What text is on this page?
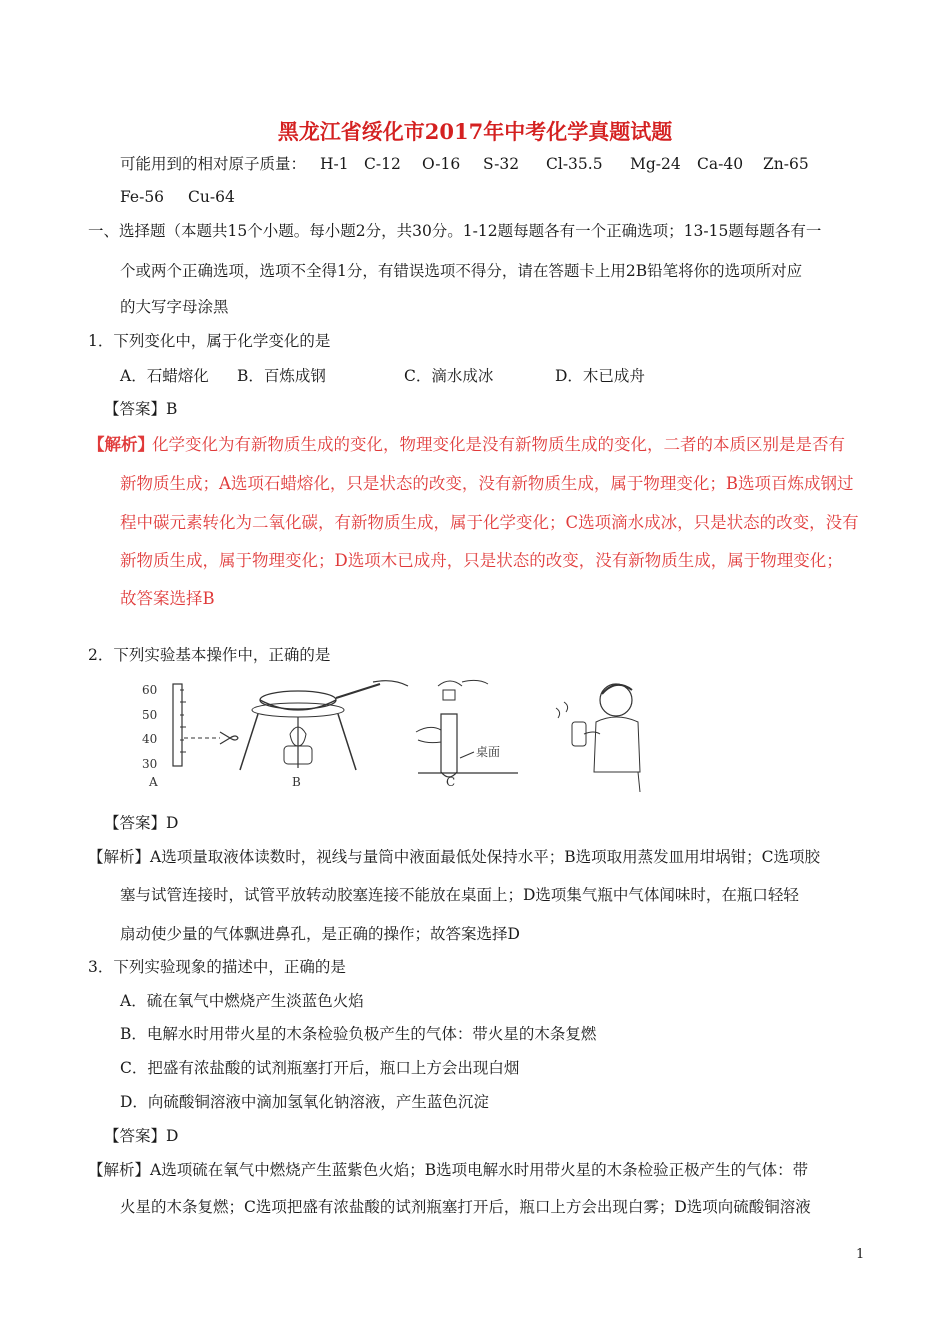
黑龙江省绥化市2017年中考化学真题试题
可能用到的相对原子质量： H-1 C-12 O-16 S-32 Cl-35.5 Mg-24 Ca-40 Zn-65
Fe-56 Cu-64
一、选择题（本题共15个小题。每小题2分，共30分。1-12题每题各有一个正确选项；13-15题每题各有一
个或两个正确选项，选项不全得1分，有错误选项不得分，请在答题卡上用2B铅笔将你的选项所对应
的大写字母涂黑
1．下列变化中，属于化学变化的是
A．石蜡熔化 B．百炼成钢	C．滴水成冰	D．木已成舟
【答案】B
【解析】
化学变化为有新物质生成的变化，物理变化是没有新物质生成的变化，二者的本质区别是是否有
新物质生成；A选项石蜡熔化，只是状态的改变，没有新物质生成，属于物理变化；B选项百炼成钢过
程中碳元素转化为二氧化碳，有新物质生成，属于化学变化；C选项滴水成冰，只是状态的改变，没有
新物质生成，属于物理变化；D选项木已成舟，只是状态的改变，没有新物质生成，属于物理变化；
故答案选择B
2．下列实验基本操作中，正确的是
60
50
40
30
A	B
桌面
C
【答案】D
【解析】A选项量取液体读数时，视线与量筒中液面最低处保持水平；B选项取用蒸发皿用坩埚钳；C选项胶
塞与试管连接时，试管平放转动胶塞连接不能放在桌面上；D选项集气瓶中气体闻味时，在瓶口轻轻
扇动使少量的气体飘进鼻孔，是正确的操作；故答案选择D
3．下列实验现象的描述中，正确的是
A．硫在氧气中燃烧产生淡蓝色火焰
B．电解水时用带火星的木条检验负极产生的气体：带火星的木条复燃
C．把盛有浓盐酸的试剂瓶塞打开后，瓶口上方会出现白烟
D．向硫酸铜溶液中滴加氢氧化钠溶液，产生蓝色沉淀
【答案】D
【解析】A选项硫在氧气中燃烧产生蓝紫色火焰；B选项电解水时用带火星的木条检验正极产生的气体：带
火星的木条复燃；C选项把盛有浓盐酸的试剂瓶塞打开后，瓶口上方会出现白雾；D选项向硫酸铜溶液
1
